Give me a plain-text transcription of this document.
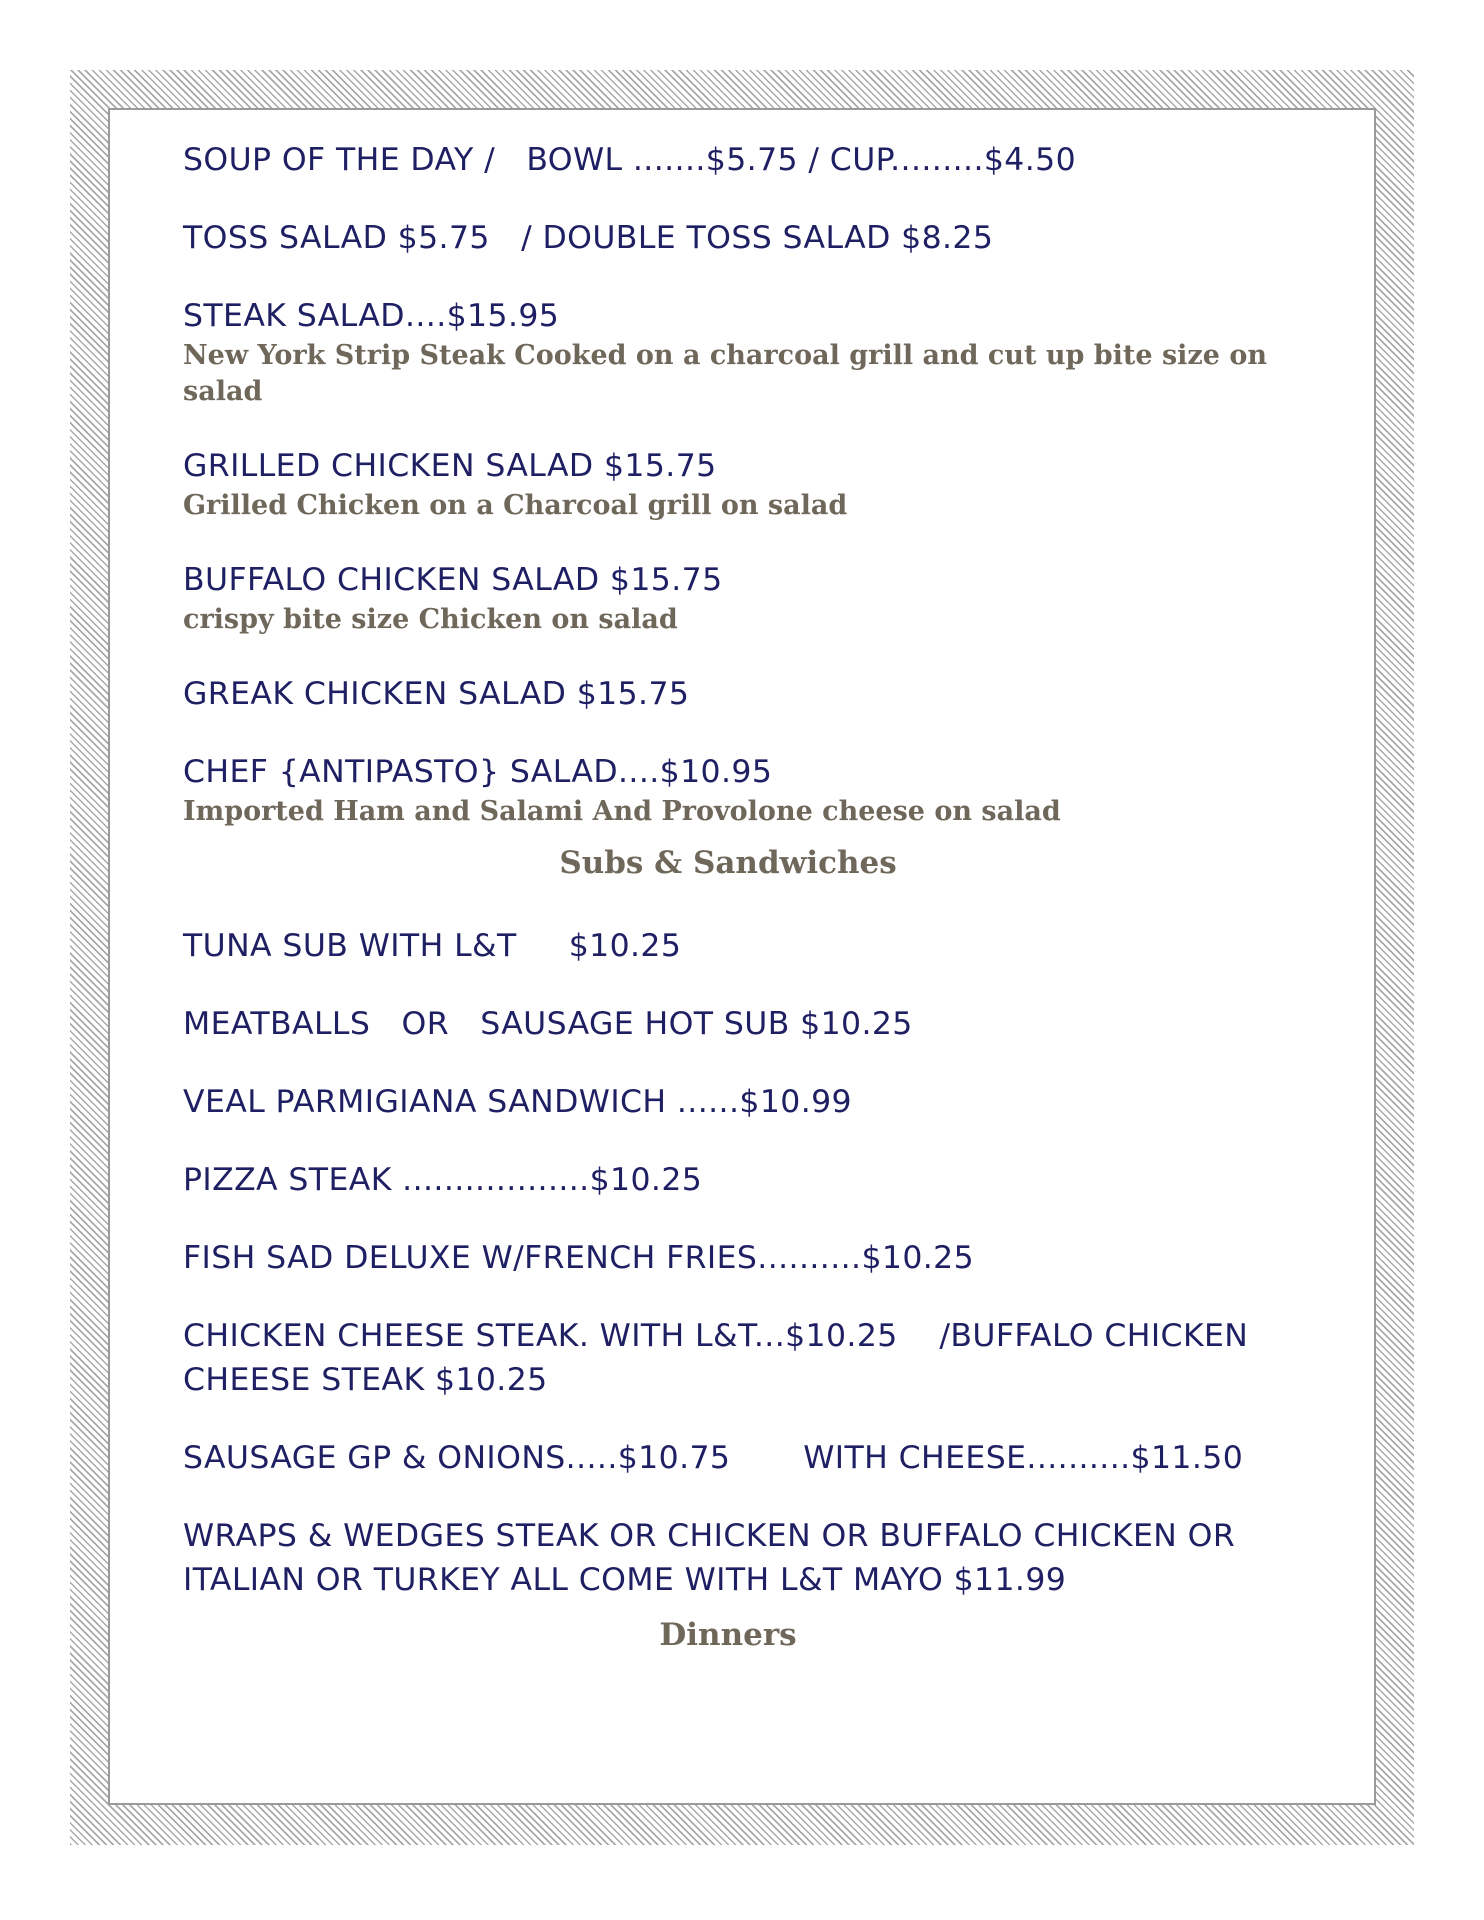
SOUP OF THE DAY /   BOWL .......$5.75 / CUP.........$4.50
TOSS SALAD $5.75   / DOUBLE TOSS SALAD $8.25
STEAK SALAD....$15.95
New York Strip Steak Cooked on a charcoal grill and cut up bite size on salad
GRILLED CHICKEN SALAD $15.75
Grilled Chicken on a Charcoal grill on salad
BUFFALO CHICKEN SALAD $15.75
crispy bite size Chicken on salad
GREAK CHICKEN SALAD $15.75
CHEF {ANTIPASTO} SALAD....$10.95
Imported Ham and Salami And Provolone cheese on salad
Subs & Sandwiches
TUNA SUB WITH L&T     $10.25
MEATBALLS   OR   SAUSAGE HOT SUB $10.25
VEAL PARMIGIANA SANDWICH ......$10.99
PIZZA STEAK ..................$10.25
FISH SAD DELUXE W/FRENCH FRIES..........$10.25
CHICKEN CHEESE STEAK. WITH L&T...$10.25    /BUFFALO CHICKEN CHEESE STEAK $10.25
SAUSAGE GP & ONIONS.....$10.75       WITH CHEESE..........$11.50
WRAPS & WEDGES STEAK OR CHICKEN OR BUFFALO CHICKEN OR ITALIAN OR TURKEY ALL COME WITH L&T MAYO $11.99
Dinners
